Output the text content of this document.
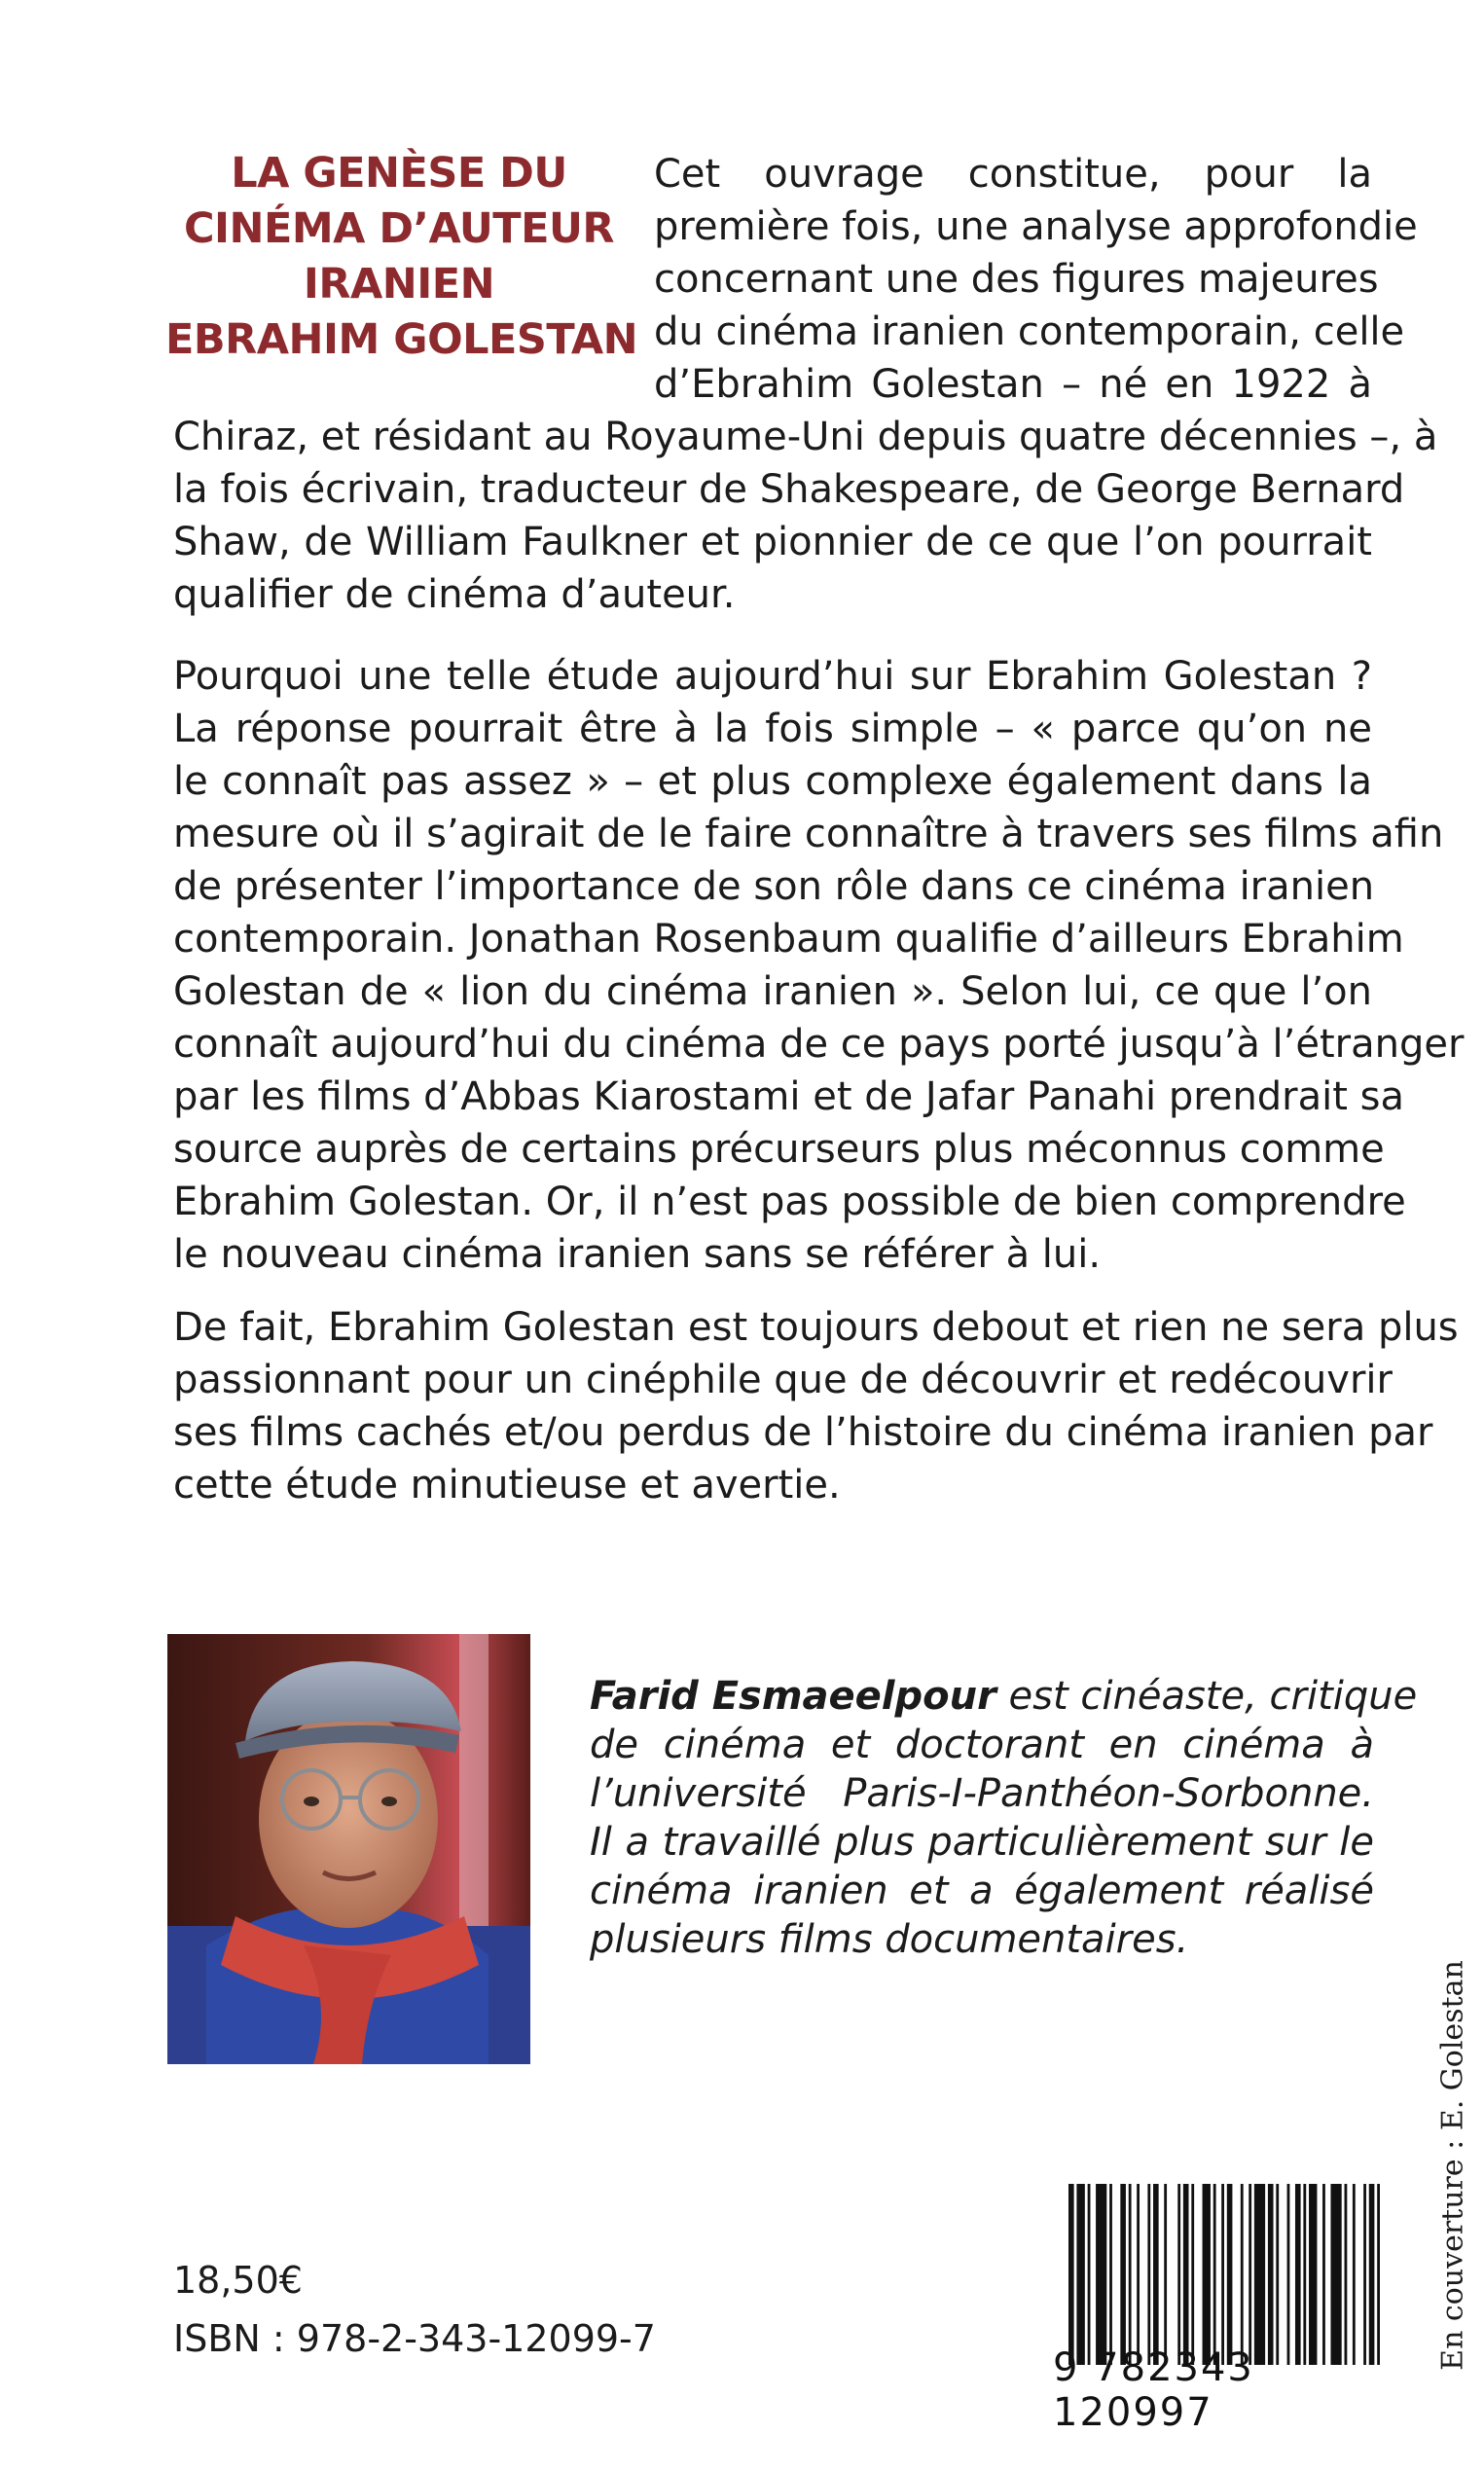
LA GENÈSE DU
CINÉMA D’AUTEUR
IRANIEN
EBRAHIM GOLESTAN
Cet ouvrage constitue, pour la
première fois, une analyse approfondie
concernant une des figures majeures
du cinéma iranien contemporain, celle
d’Ebrahim Golestan – né en 1922 à
Chiraz, et résidant au Royaume-Uni depuis quatre décennies –, à
la fois écrivain, traducteur de Shakespeare, de George Bernard
Shaw, de William Faulkner et pionnier de ce que l’on pourrait
qualifier de cinéma d’auteur.
Pourquoi une telle étude aujourd’hui sur Ebrahim Golestan ?
La réponse pourrait être à la fois simple – « parce qu’on ne
le connaît pas assez » – et plus complexe également dans la
mesure où il s’agirait de le faire connaître à travers ses films afin
de présenter l’importance de son rôle dans ce cinéma iranien
contemporain. Jonathan Rosenbaum qualifie d’ailleurs Ebrahim
Golestan de « lion du cinéma iranien ». Selon lui, ce que l’on
connaît aujourd’hui du cinéma de ce pays porté jusqu’à l’étranger
par les films d’Abbas Kiarostami et de Jafar Panahi prendrait sa
source auprès de certains précurseurs plus méconnus comme
Ebrahim Golestan. Or, il n’est pas possible de bien comprendre
le nouveau cinéma iranien sans se référer à lui.
De fait, Ebrahim Golestan est toujours debout et rien ne sera plus
passionnant pour un cinéphile que de découvrir et redécouvrir
ses films cachés et/ou perdus de l’histoire du cinéma iranien par
cette étude minutieuse et avertie.
Farid Esmaeelpour est cinéaste, critique
de cinéma et doctorant en cinéma à
l’université Paris-I-Panthéon-Sorbonne.
Il a travaillé plus particulièrement sur le
cinéma iranien et a également réalisé
plusieurs films documentaires.
18,50€
ISBN : 978-2-343-12099-7
9 782343 120997
En couverture : E. Golestan
